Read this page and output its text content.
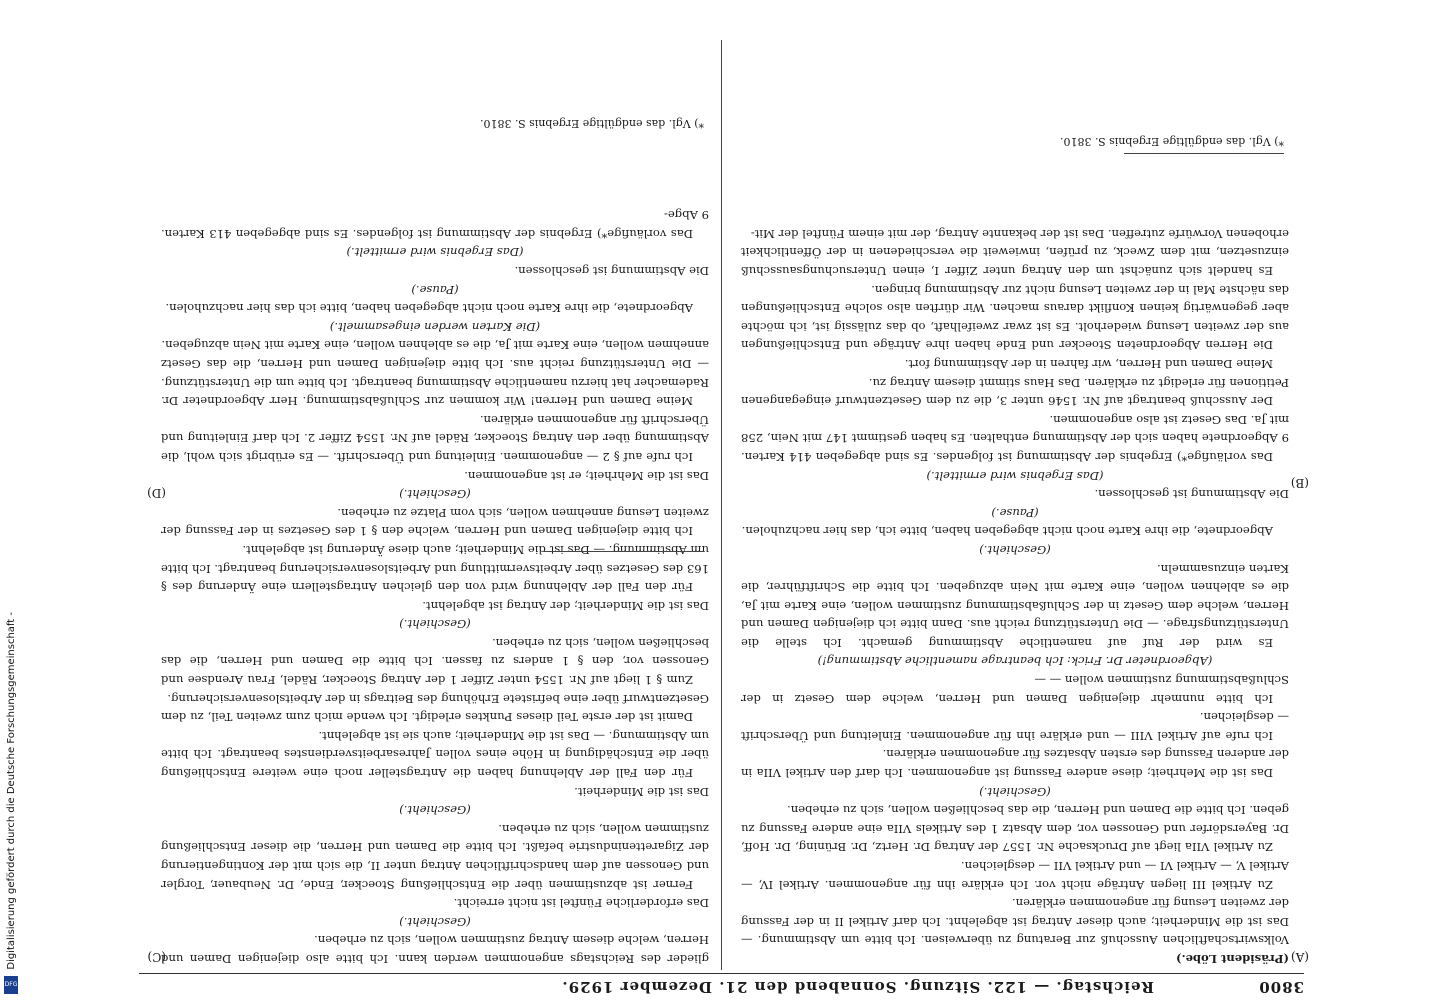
3800
Reichstag. — 122. Sitzung. Sonnabend den 21. Dezember 1929.
(A)
(B)
(C)
(D)

(Präsident Löbe.)

Volkswirtschaftlichen Ausschuß zur Beratung zu überweisen. Ich bitte um Abstimmung. — Das ist die Minderheit; auch dieser Antrag ist abgelehnt. Ich darf Artikel II in der Fassung der zweiten Lesung für angenommen erklären.

Zu Artikel III liegen Anträge nicht vor. Ich erkläre ihn für angenommen. Artikel IV, — Artikel V, — Artikel VI — und Artikel VII — desgleichen.

Zu Artikel VIIa liegt auf Drucksache Nr. 1557 der Antrag Dr. Hertz, Dr. Brüning, Dr. Hoff, Dr. Bayersdörfer und Genossen vor, dem Absatz 1 des Artikels VIIa eine andere Fassung zu geben. Ich bitte die Damen und Herren, die das beschließen wollen, sich zu erheben.

(Geschieht.)

Das ist die Mehrheit; diese andere Fassung ist angenommen. Ich darf den Artikel VIIa in der anderen Fassung des ersten Absatzes für angenommen erklären.

Ich rufe auf Artikel VIII — und erkläre ihn für angenommen. Einleitung und Überschrift — desgleichen.

Ich bitte nunmehr diejenigen Damen und Herren, welche dem Gesetz in der Schlußabstimmung zustimmen wollen — —

(Abgeordneter Dr. Frick: Ich beantrage namentliche Abstimmung!)

Es wird der Ruf auf namentliche Abstimmung gemacht. Ich stelle die Unterstützungsfrage. — Die Unterstützung reicht aus. Dann bitte ich diejenigen Damen und Herren, welche dem Gesetz in der Schlußabstimmung zustimmen wollen, eine Karte mit Ja, die es ablehnen wollen, eine Karte mit Nein abzugeben. Ich bitte die Schriftführer, die Karten einzusammeln.

(Geschieht.)

Abgeordnete, die ihre Karte noch nicht abgegeben haben, bitte ich, das hier nachzuholen.

(Pause.)

Die Abstimmung ist geschlossen.

(Das Ergebnis wird ermittelt.)

Das vorläufige*) Ergebnis der Abstimmung ist folgendes. Es sind abgegeben 414 Karten. 9 Abgeordnete haben sich der Abstimmung enthalten. Es haben gestimmt 147 mit Nein, 258 mit Ja. Das Gesetz ist also angenommen.

Der Ausschuß beantragt auf Nr. 1546 unter 3, die zu dem Gesetzentwurf eingegangenen Petitionen für erledigt zu erklären. Das Haus stimmt diesem Antrag zu.

Meine Damen und Herren, wir fahren in der Abstimmung fort.

Die Herren Abgeordneten Stoecker und Ende haben ihre Anträge und Entschließungen aus der zweiten Lesung wiederholt. Es ist zwar zweifelhaft, ob das zulässig ist, ich möchte aber gegenwärtig keinen Konflikt daraus machen. Wir dürften also solche Entschließungen das nächste Mal in der zweiten Lesung nicht zur Abstimmung bringen.

Es handelt sich zunächst um den Antrag unter Ziffer I, einen Untersuchungsausschuß einzusetzen, mit dem Zweck, zu prüfen, inwieweit die verschiedenen in der Öffentlichkeit erhobenen Vorwürfe zutreffen. Das ist der bekannte Antrag, der mit einem Fünftel der Mit-

*) Vgl. das endgültige Ergebnis S. 3810.

glieder des Reichstags angenommen werden kann. Ich bitte also diejenigen Damen und Herren, welche diesem Antrag zustimmen wollen, sich zu erheben.

(Geschieht.)

Das erforderliche Fünftel ist nicht erreicht.

Ferner ist abzustimmen über die Entschließung Stoecker, Ende, Dr. Neubauer, Torgler und Genossen auf dem handschriftlichen Antrag unter II, die sich mit der Kontingentierung der Zigarettenindustrie befaßt. Ich bitte die Damen und Herren, die dieser Entschließung zustimmen wollen, sich zu erheben.

(Geschieht.)

Das ist die Minderheit.

Für den Fall der Ablehnung haben die Antragsteller noch eine weitere Entschließung über die Entschädigung in Höhe eines vollen Jahresarbeitsverdienstes beantragt. Ich bitte um Abstimmung. — Das ist die Minderheit; auch sie ist abgelehnt.

Damit ist der erste Teil dieses Punktes erledigt. Ich wende mich zum zweiten Teil, zu dem Gesetzentwurf über eine befristete Erhöhung des Beitrags in der Arbeitslosenversicherung.

Zum § 1 liegt auf Nr. 1554 unter Ziffer 1 der Antrag Stoecker, Rädel, Frau Arendsee und Genossen vor, den § 1 anders zu fassen. Ich bitte die Damen und Herren, die das beschließen wollen, sich zu erheben.

(Geschieht.)

Das ist die Minderheit; der Antrag ist abgelehnt.

Für den Fall der Ablehnung wird von den gleichen Antragstellern eine Änderung des § 163 des Gesetzes über Arbeitsvermittlung und Arbeitslosenversicherung beantragt. Ich bitte um Abstimmung. — Das ist die Minderheit; auch diese Änderung ist abgelehnt.

Ich bitte diejenigen Damen und Herren, welche den § 1 des Gesetzes in der Fassung der zweiten Lesung annehmen wollen, sich vom Platze zu erheben.

(Geschieht.)

Das ist die Mehrheit; er ist angenommen.

Ich rufe auf § 2 — angenommen. Einleitung und Überschrift. — Es erübrigt sich wohl, die Abstimmung über den Antrag Stoecker, Rädel auf Nr. 1554 Ziffer 2. Ich darf Einleitung und Überschrift für angenommen erklären.

Meine Damen und Herren! Wir kommen zur Schlußabstimmung. Herr Abgeordneter Dr. Rademacher hat hierzu namentliche Abstimmung beantragt. Ich bitte um die Unterstützung. — Die Unterstützung reicht aus. Ich bitte diejenigen Damen und Herren, die das Gesetz annehmen wollen, eine Karte mit Ja, die es ablehnen wollen, eine Karte mit Nein abzugeben.

(Die Karten werden eingesammelt.)

Abgeordnete, die ihre Karte noch nicht abgegeben haben, bitte ich das hier nachzuholen.

(Pause.)

Die Abstimmung ist geschlossen.

(Das Ergebnis wird ermittelt.)

Das vorläufige*) Ergebnis der Abstimmung ist folgendes. Es sind abgegeben 413 Karten. 9 Abge-

*) Vgl. das endgültige Ergebnis S. 3810.
Digitalisierung gefördert durch die Deutsche Forschungsgemeinschaft -
DFG
